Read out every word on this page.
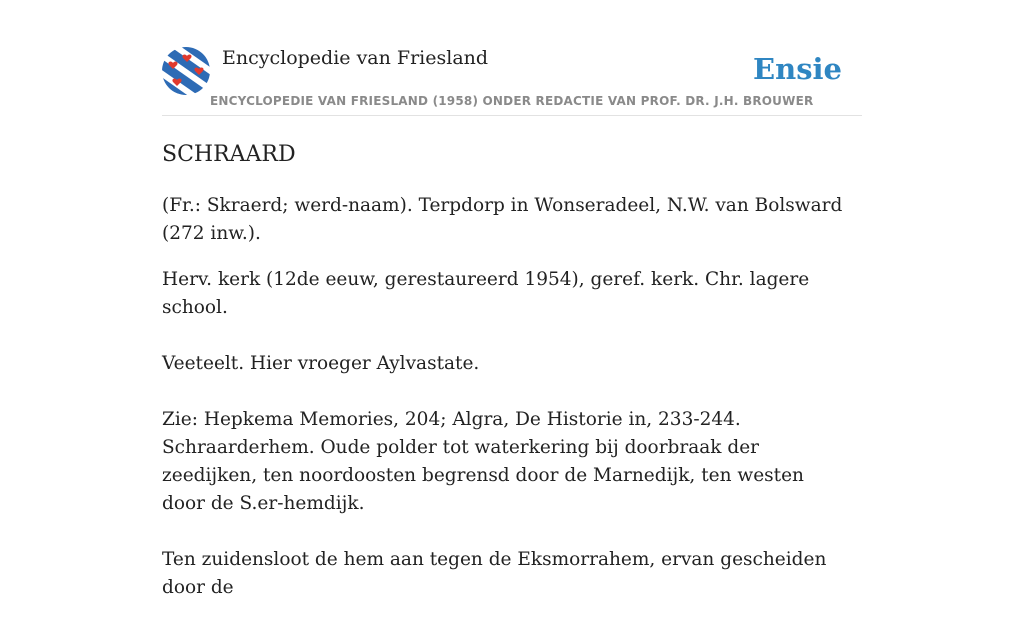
Encyclopedie van Friesland	Ensie
ENCYCLOPEDIE VAN FRIESLAND (1958) ONDER REDACTIE VAN PROF. DR. J.H. BROUWER
SCHRAARD

(Fr.: Skraerd; werd-naam). Terpdorp in Wonseradeel, N.W. van Bolsward (272 inw.).

Herv. kerk (12de eeuw, gerestaureerd 1954), geref. kerk. Chr. lagere school.

Veeteelt. Hier vroeger Aylvastate.

Zie: Hepkema Memories, 204; Algra, De Historie in, 233-244. Schraarderhem. Oude polder tot waterkering bij doorbraak der zeedijken, ten noordoosten begrensd door de Marnedijk, ten westen door de S.er-hemdijk.

Ten zuidensloot de hem aan tegen de Eksmorrahem, ervan gescheiden door de
